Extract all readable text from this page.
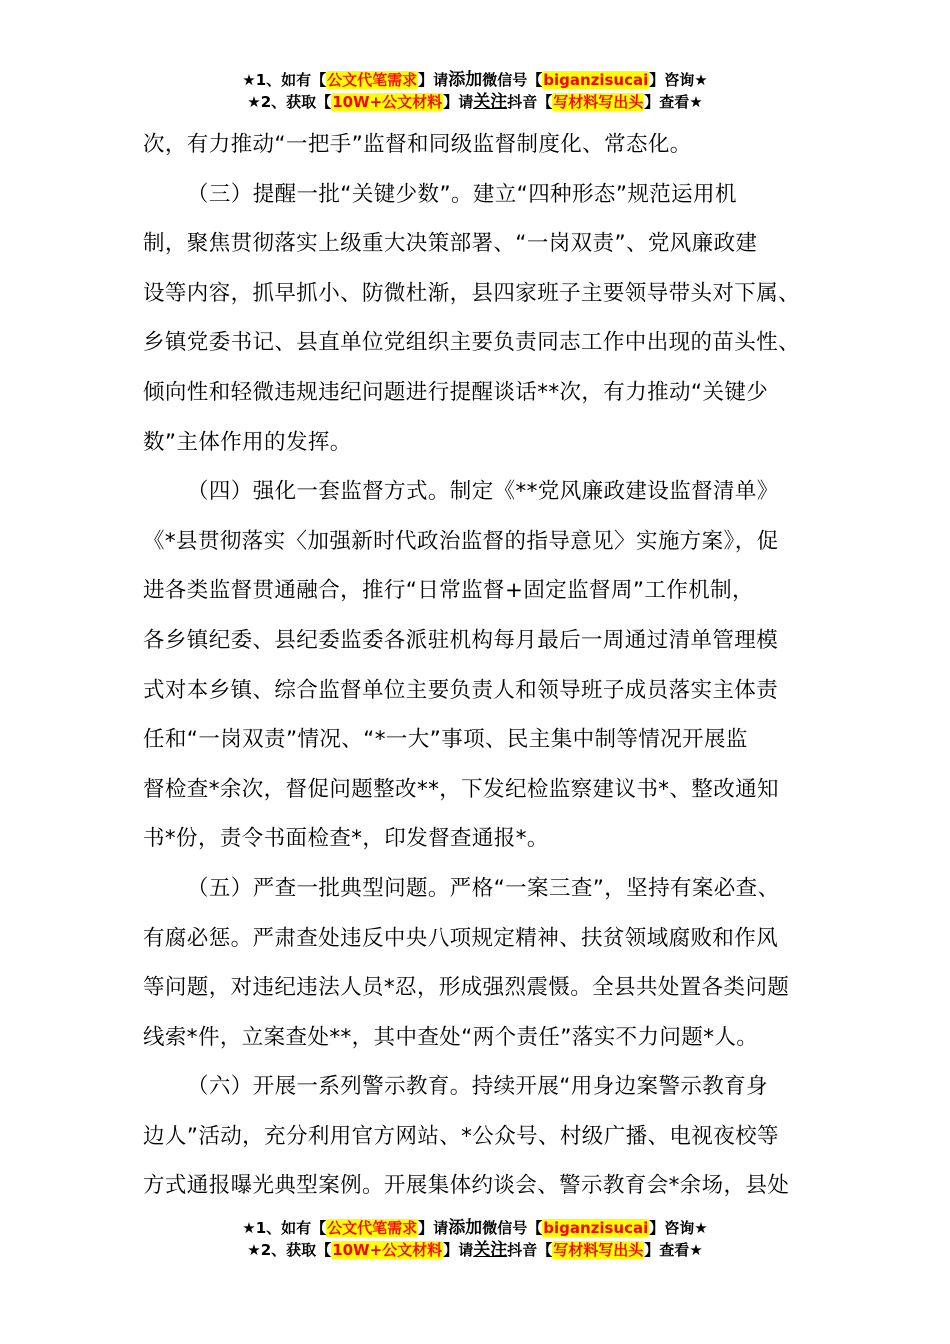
★1、如有【公文代笔需求】请添加微信号【biganzisucai】咨询★
★2、获取【10W+公文材料】请关注抖音【写材料写出头】查看★
次，有力推动“一把手”监督和同级监督制度化、常态化。
（三）提醒一批“关键少数”。建立“四种形态”规范运用机
制，聚焦贯彻落实上级重大决策部署、“一岗双责”、党风廉政建
设等内容，抓早抓小、防微杜渐，县四家班子主要领导带头对下属、
乡镇党委书记、县直单位党组织主要负责同志工作中出现的苗头性、
倾向性和轻微违规违纪问题进行提醒谈话**次，有力推动“关键少
数”主体作用的发挥。
（四）强化一套监督方式。制定《**党风廉政建设监督清单》
《*县贯彻落实〈加强新时代政治监督的指导意见〉实施方案》，促
进各类监督贯通融合，推行“日常监督+固定监督周”工作机制，
各乡镇纪委、县纪委监委各派驻机构每月最后一周通过清单管理模
式对本乡镇、综合监督单位主要负责人和领导班子成员落实主体责
任和“一岗双责”情况、“*一大”事项、民主集中制等情况开展监
督检查*余次，督促问题整改**，下发纪检监察建议书*、整改通知
书*份，责令书面检查*，印发督查通报*。
（五）严查一批典型问题。严格“一案三查”，坚持有案必查、
有腐必惩。严肃查处违反中央八项规定精神、扶贫领域腐败和作风
等问题，对违纪违法人员*忍，形成强烈震慑。全县共处置各类问题
线索*件，立案查处**，其中查处“两个责任”落实不力问题*人。
（六）开展一系列警示教育。持续开展“用身边案警示教育身
边人”活动，充分利用官方网站、*公众号、村级广播、电视夜校等
方式通报曝光典型案例。开展集体约谈会、警示教育会*余场，县处
★1、如有【公文代笔需求】请添加微信号【biganzisucai】咨询★
★2、获取【10W+公文材料】请关注抖音【写材料写出头】查看★
